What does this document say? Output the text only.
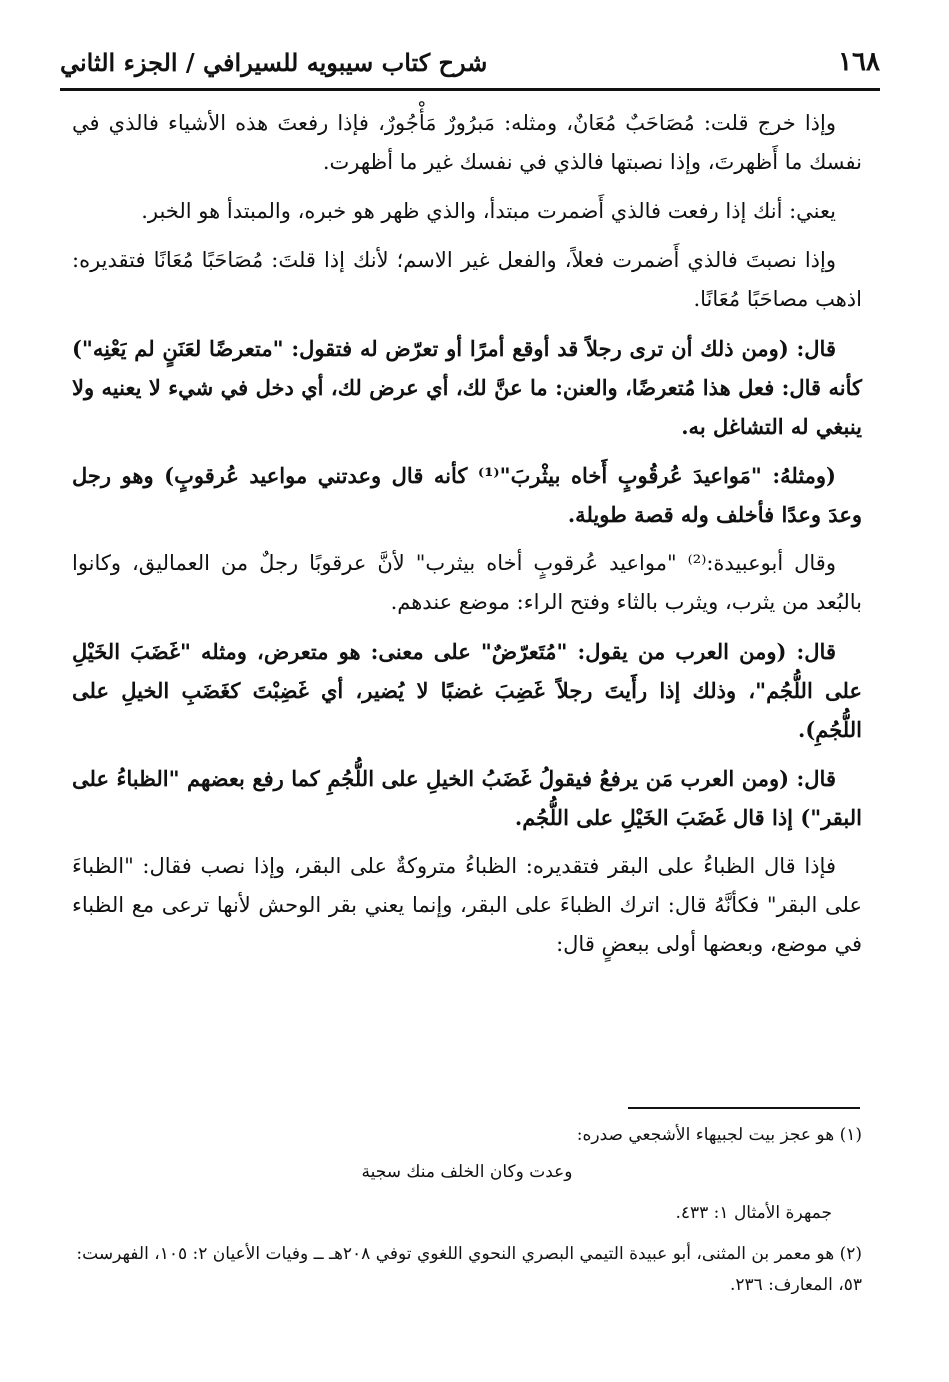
١٦٨
شرح كتاب سيبويه للسيرافي / الجزء الثاني

وإذا خرج قلت: مُصَاحَبٌ مُعَانٌ، ومثله: مَبرُورٌ مَأْجُورٌ، فإذا رفعتَ هذه الأشياء فالذي في نفسك ما أَظهرتَ، وإذا نصبتها فالذي في نفسك غير ما أظهرت.

يعني: أنك إذا رفعت فالذي أَضمرت مبتدأ، والذي ظهر هو خبره، والمبتدأ هو الخبر.

وإذا نصبتَ فالذي أَضمرت فعلاً، والفعل غير الاسم؛ لأنك إذا قلتَ: مُصَاحَبًا مُعَانًا فتقديره: اذهب مصاحَبًا مُعَانًا.

قال: (ومن ذلك أن ترى رجلاً قد أوقع أمرًا أو تعرّض له فتقول: "متعرضًا لعَنَنٍ لم يَعْنِه") كأنه قال: فعل هذا مُتعرضًا، والعنن: ما عنَّ لك، أي عرض لك، أي دخل في شيء لا يعنيه ولا ينبغي له التشاغل به.

(ومثلهُ: "مَواعيدَ عُرقُوبٍ أَخاه بيثْربَ"⁽¹⁾ كأنه قال وعدتني مواعيد عُرقوبٍ) وهو رجل وعدَ وعدًا فأخلف وله قصة طويلة.

وقال أبوعبيدة:⁽²⁾ "مواعيد عُرقوبٍ أخاه بيثرب" لأنَّ عرقوبًا رجلٌ من العماليق، وكانوا بالبُعد من يثرب، ويثرب بالثاء وفتح الراء: موضع عندهم.

قال: (ومن العرب من يقول: "مُتَعرّضٌ" على معنى: هو متعرض، ومثله "غَضَبَ الخَيْلِ على اللُّجُم"، وذلك إذا رأَيتَ رجلاً غَضِبَ غضبًا لا يُضير، أي غَضِبْتَ كغَضَبِ الخيلِ على اللُّجُمِ).

قال: (ومن العرب مَن يرفعُ فيقولُ غَضَبُ الخيلِ على اللُّجُمِ كما رفع بعضهم "الظباءُ على البقر") إذا قال غَضَبَ الخَيْلِ على اللُّجُم.

فإذا قال الظباءُ على البقر فتقديره: الظباءُ متروكةٌ على البقر، وإذا نصب فقال: "الظباءَ على البقر" فكأنَّهُ قال: اترك الظباءَ على البقر، وإنما يعني بقر الوحش لأنها ترعى مع الظباء في موضع، وبعضها أولى ببعضٍ قال:

(١) هو عجز بيت لجبيهاء الأشجعي صدره:

وعدت وكان الخلف منك سجية

جمهرة الأمثال ١: ٤٣٣.

(٢) هو معمر بن المثنى، أبو عبيدة التيمي البصري النحوي اللغوي توفي ٢٠٨هـ ــ وفيات الأعيان ٢: ١٠٥، الفهرست: ٥٣، المعارف: ٢٣٦.
